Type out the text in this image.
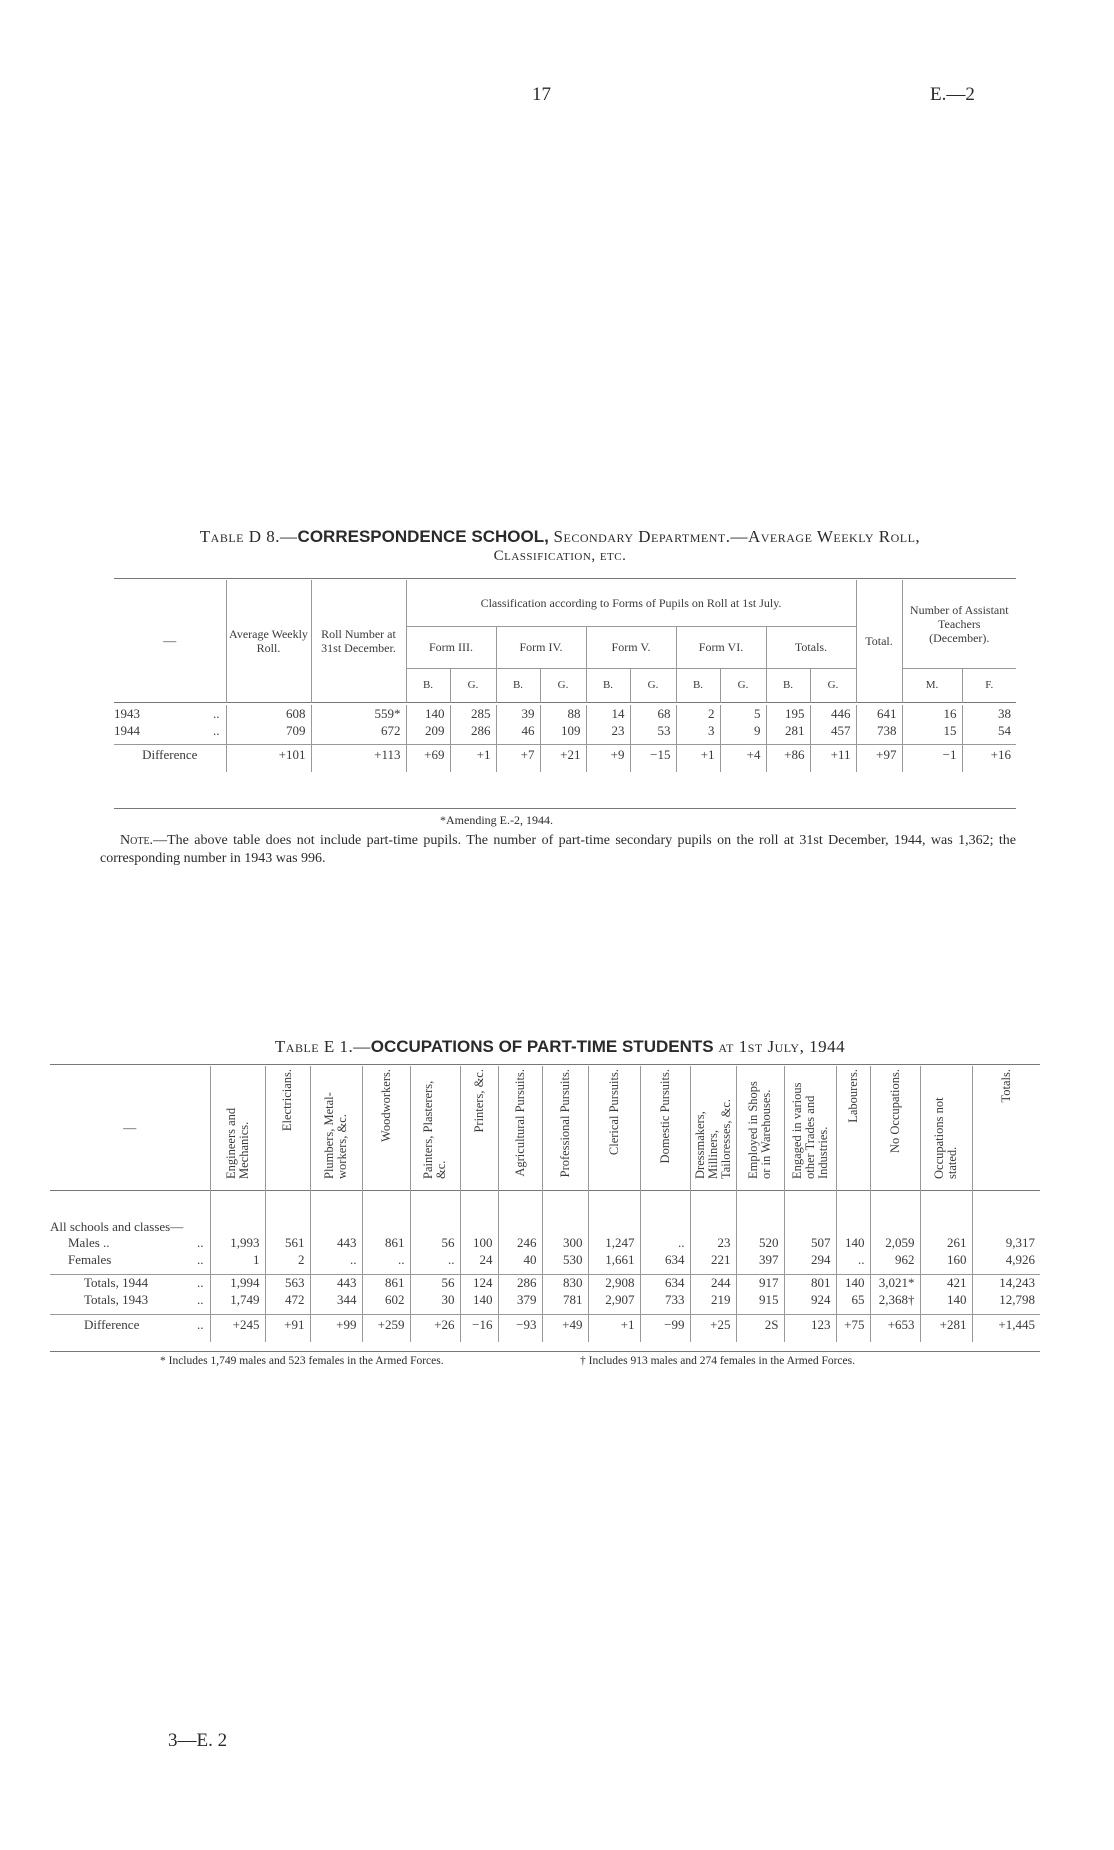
17	E.—2
Table D 8.—CORRESPONDENCE SCHOOL, Secondary Department.—Average Weekly Roll,
Classification, etc.
—	Average Weekly Roll.	Roll Number at 31st December.	Classification according to Forms of Pupils on Roll at 1st July.										Total.	Number of Assistant Teachers (December).	
			Form III.		Form IV.		Form V.		Form VI.		Totals.				
			B.	G.	B.	G.	B.	G.	B.	G.	B.	G.		M.	F.

1943 ..	608	559*	140	285	39	88	14	68	2	5	195	446	641	16	38
1944 ..	709	672	209	286	46	109	23	53	3	9	281	457	738	15	54

Difference	+101	+113	+69	+1	+7	+21	+9	−15	+1	+4	+86	+11	+97	−1	+16

*Amending E.-2, 1944.
Note.—The above table does not include part-time pupils. The number of part-time secondary pupils on the roll at 31st December, 1944, was 1,362; the corresponding number in 1943 was 996.
Table E 1.—OCCUPATIONS OF PART-TIME STUDENTS at 1st July, 1944
—	Engineers and Mechanics.	Electricians.	Plumbers, Metal-workers, &c.	Woodworkers.	Painters, Plasterers, &c.	Printers, &c.	Agricultural Pursuits.	Professional Pursuits.	Clerical Pursuits.	Domestic Pursuits.	Dressmakers, Milliners, Tailoresses, &c.	Employed in Shops or in Warehouses.	Engaged in various other Trades and Industries.	Labourers.	No Occupations.	Occupations not stated.	Totals.

All schools and classes—																	
Males .. ..	1,993	561	443	861	56	100	246	300	1,247	..	23	520	507	140	2,059	261	9,317
Females ..	1	2	..	..	..	24	40	530	1,661	634	221	397	294	..	962	160	4,926

Totals, 1944 ..	1,994	563	443	861	56	124	286	830	2,908	634	244	917	801	140	3,021*	421	14,243
Totals, 1943 ..	1,749	472	344	602	30	140	379	781	2,907	733	219	915	924	65	2,368†	140	12,798

Difference ..	+245	+91	+99	+259	+26	−16	−93	+49	+1	−99	+25	2S	123	+75	+653	+281	+1,445

* Includes 1,749 males and 523 females in the Armed Forces.	† Includes 913 males and 274 females in the Armed Forces.
3—E. 2
